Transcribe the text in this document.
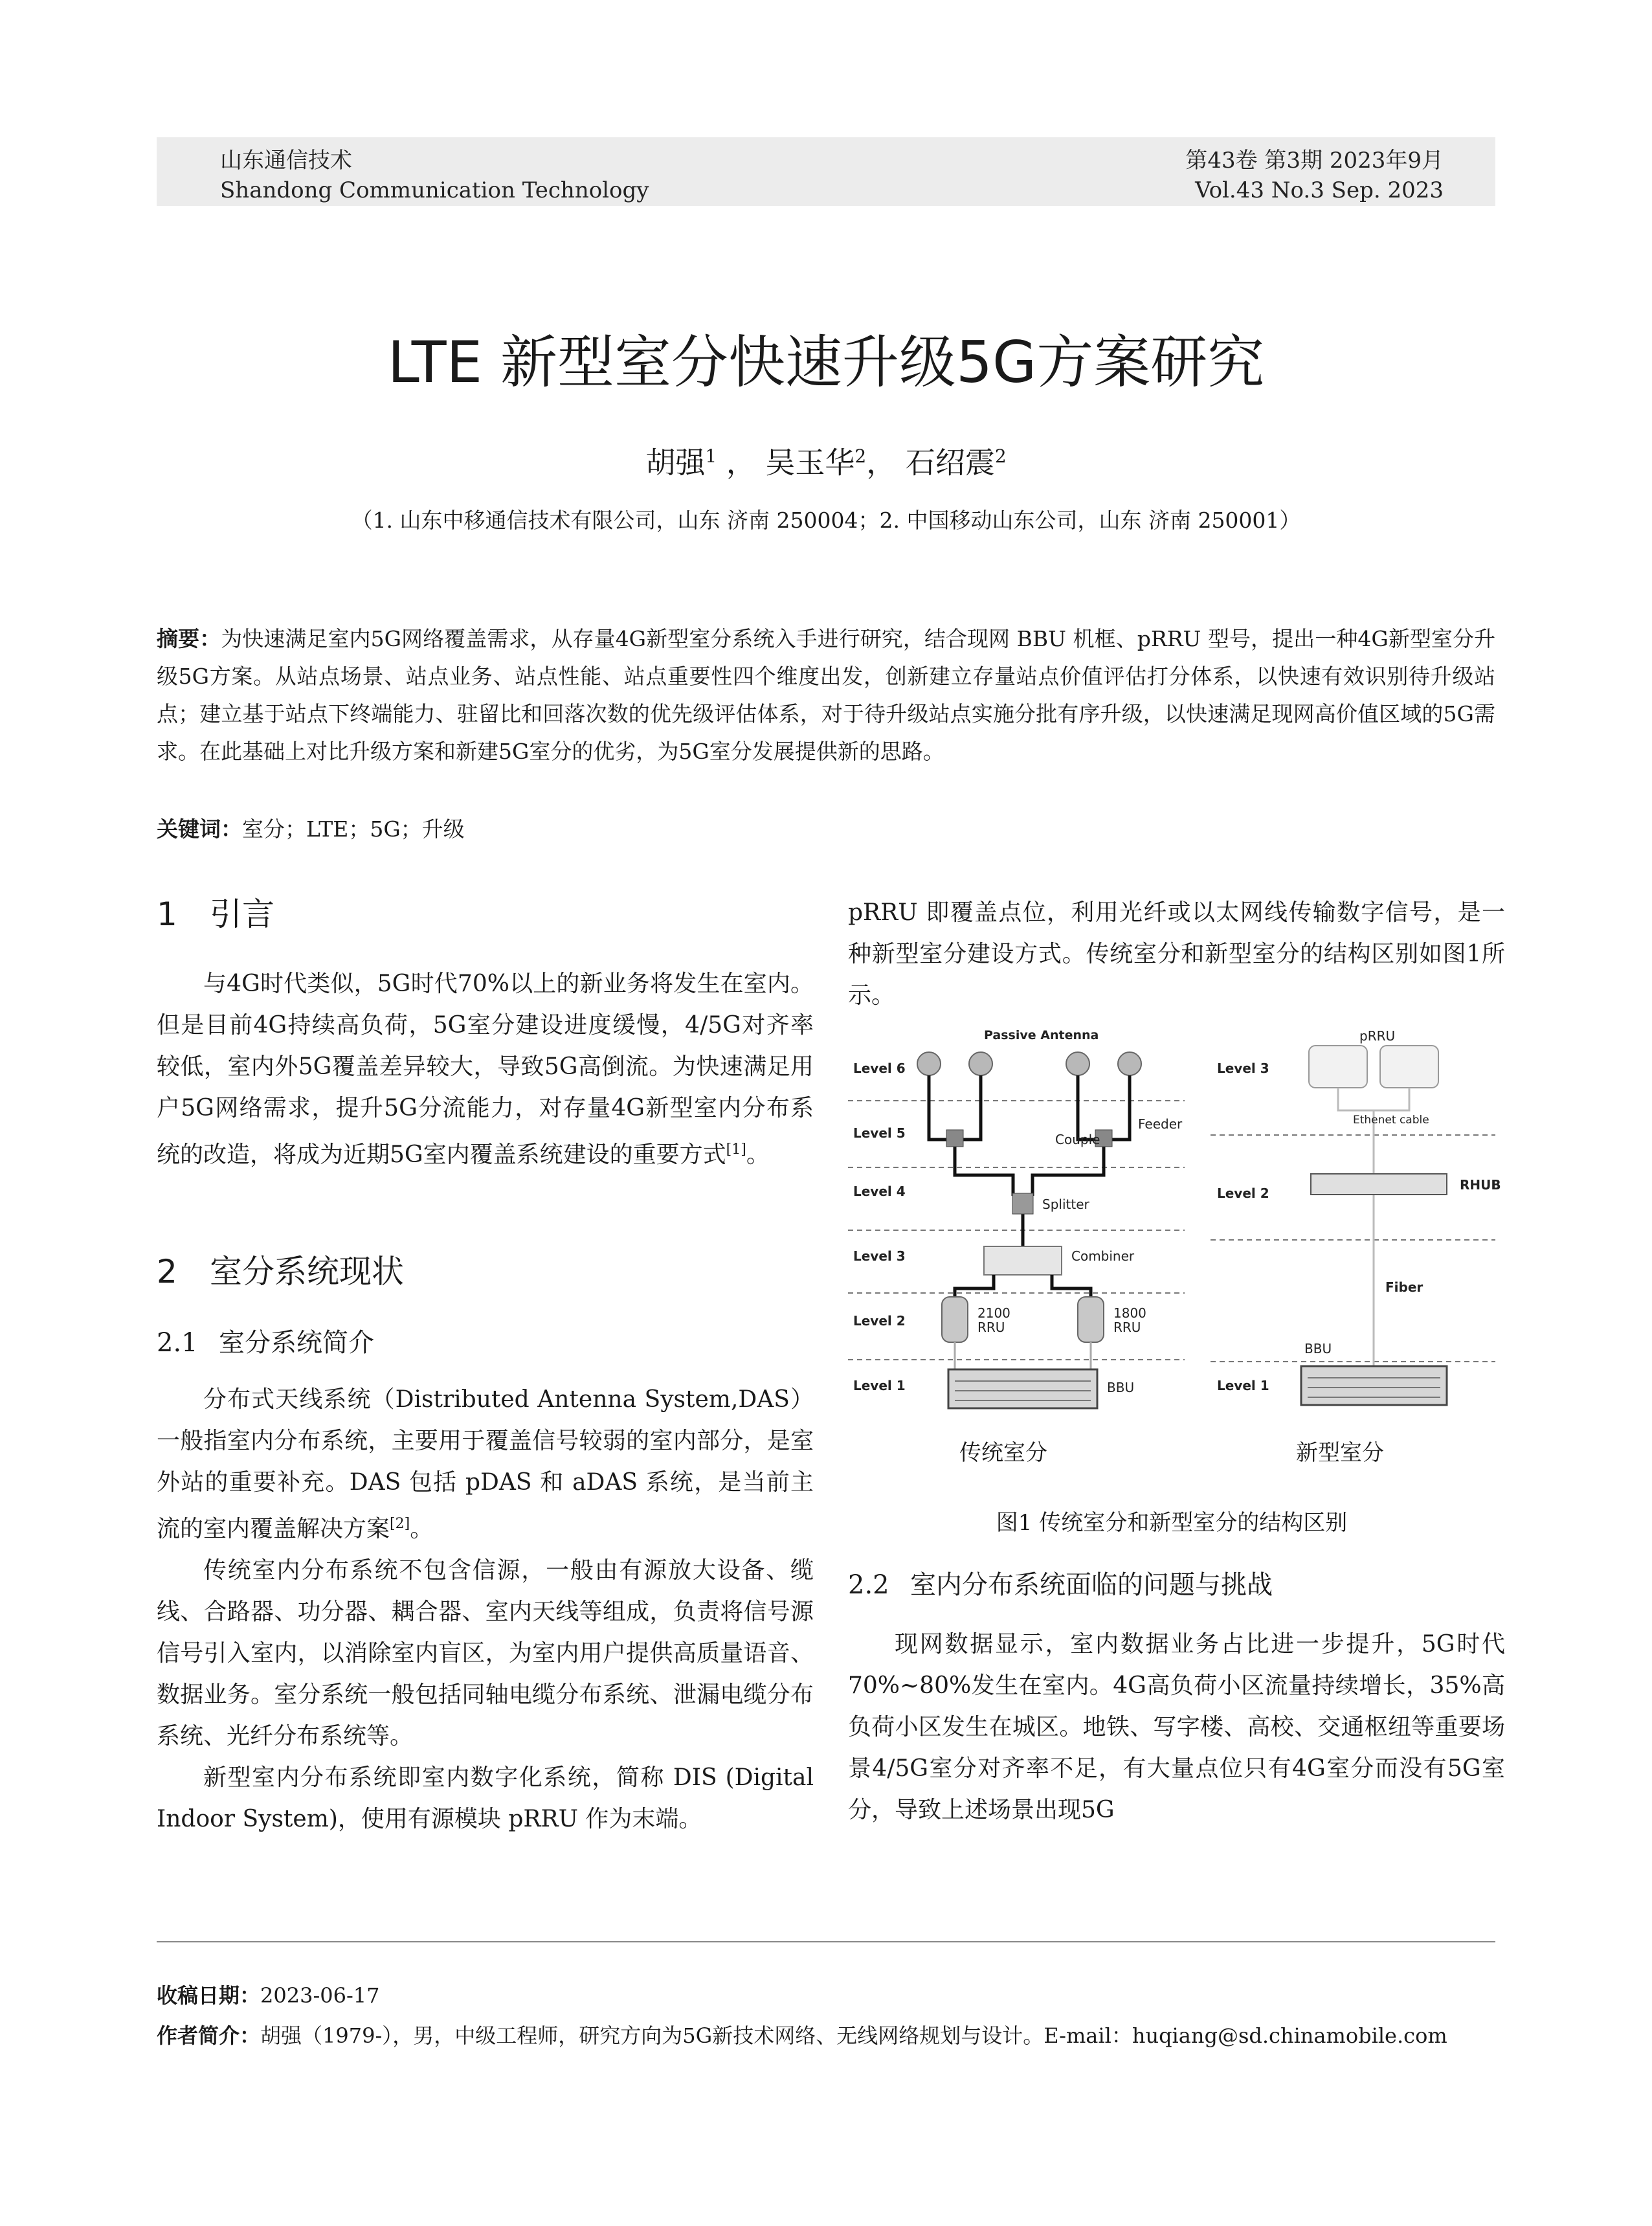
山东通信技术
Shandong Communication Technology
第43卷 第3期 2023年9月
Vol.43 No.3 Sep. 2023
LTE 新型室分快速升级5G方案研究
胡强$^1$ ， 吴玉华$^2$， 石绍震$^2$
（1. 山东中移通信技术有限公司，山东 济南 250004；2. 中国移动山东公司，山东 济南 250001）
摘要：为快速满足室内5G网络覆盖需求，从存量4G新型室分系统入手进行研究，结合现网 BBU 机框、pRRU 型号，提出一种4G新型室分升级5G方案。从站点场景、站点业务、站点性能、站点重要性四个维度出发，创新建立存量站点价值评估打分体系，以快速有效识别待升级站点；建立基于站点下终端能力、驻留比和回落次数的优先级评估体系，对于待升级站点实施分批有序升级，以快速满足现网高价值区域的5G需求。在此基础上对比升级方案和新建5G室分的优劣，为5G室分发展提供新的思路。
关键词：室分；LTE；5G；升级
1 引言

与4G时代类似，5G时代70%以上的新业务将发生在室内。但是目前4G持续高负荷，5G室分建设进度缓慢，4/5G对齐率较低，室内外5G覆盖差异较大，导致5G高倒流。为快速满足用户5G网络需求，提升5G分流能力，对存量4G新型室内分布系统的改造，将成为近期5G室内覆盖系统建设的重要方式[1]。

2 室分系统现状
2.1 室分系统简介

分布式天线系统（Distributed Antenna System,DAS）一般指室内分布系统，主要用于覆盖信号较弱的室内部分，是室外站的重要补充。DAS 包括 pDAS 和 aDAS 系统，是当前主流的室内覆盖解决方案[2]。

传统室内分布系统不包含信源，一般由有源放大设备、缆线、合路器、功分器、耦合器、室内天线等组成，负责将信号源信号引入室内，以消除室内盲区，为室内用户提供高质量语音、数据业务。室分系统一般包括同轴电缆分布系统、泄漏电缆分布系统、光纤分布系统等。

新型室内分布系统即室内数字化系统，简称 DIS (Digital Indoor System)，使用有源模块 pRRU 作为末端。

pRRU 即覆盖点位，利用光纤或以太网线传输数字信号，是一种新型室分建设方式。传统室分和新型室分的结构区别如图1所示。

Level 6
Level 5
Level 4
Level 3
Level 2
Level 1
Passive Antenna
Couple
Feeder
Splitter
Combiner
2100
RRU
1800
RRU
BBU
Level 3
Level 2
Level 1
pRRU
Ethenet cable
RHUB
Fiber
BBU
传统室分	新型室分
图1 传统室分和新型室分的结构区别
2.2 室内分布系统面临的问题与挑战

现网数据显示，室内数据业务占比进一步提升，5G时代70%~80%发生在室内。4G高负荷小区流量持续增长，35%高负荷小区发生在城区。地铁、写字楼、高校、交通枢纽等重要场景4/5G室分对齐率不足，有大量点位只有4G室分而没有5G室分，导致上述场景出现5G

收稿日期：2023-06-17
作者简介：胡强（1979-），男，中级工程师，研究方向为5G新技术网络、无线网络规划与设计。E-mail：huqiang@sd.chinamobile.com
